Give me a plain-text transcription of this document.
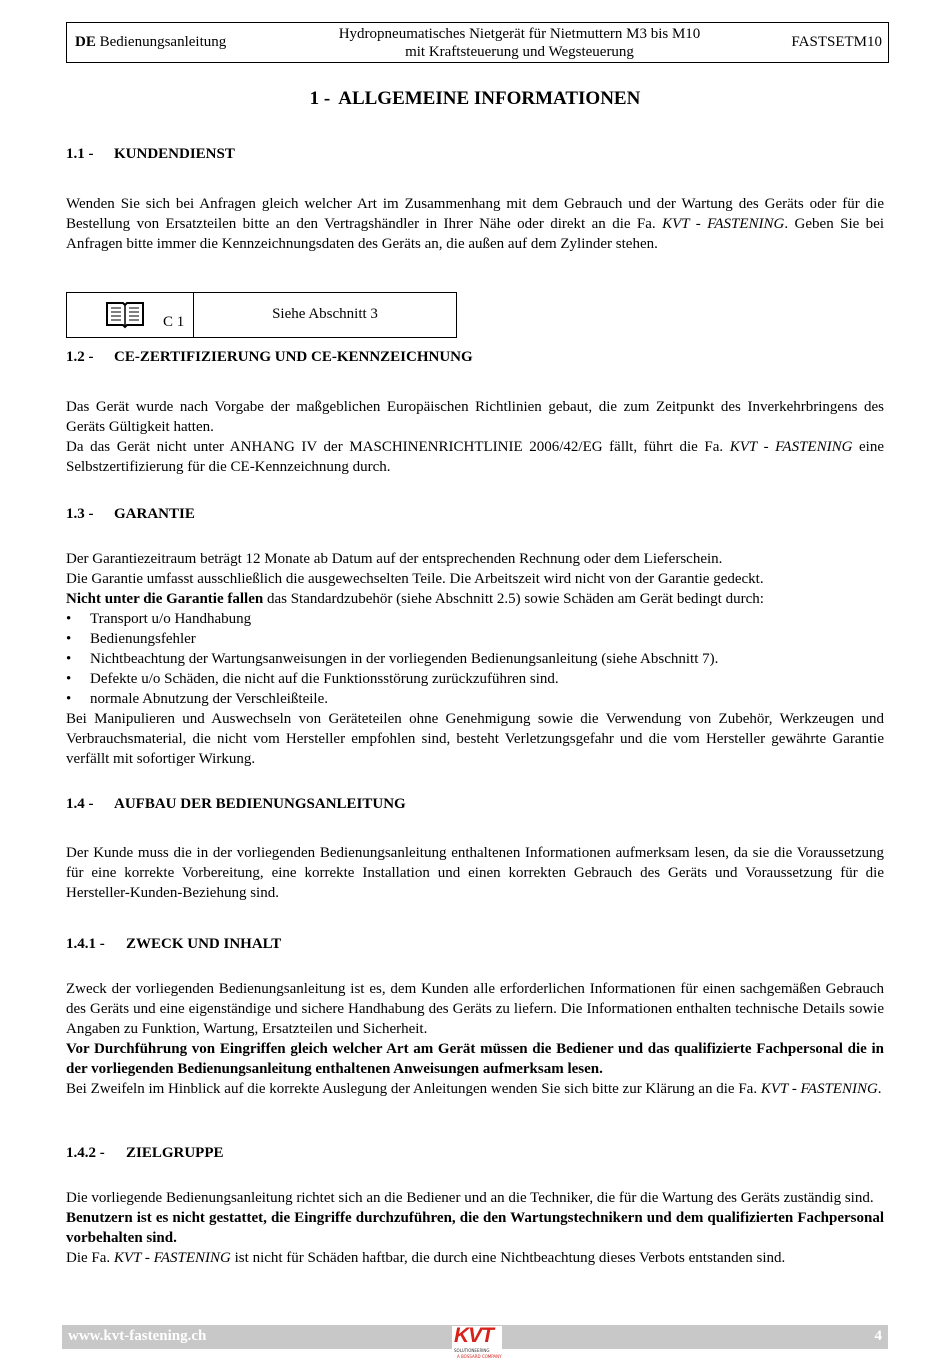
DE Bedienungsanleitung
Hydropneumatisches Nietgerät für Nietmuttern M3 bis M10
mit Kraftsteuerung und Wegsteuerung
FASTSETM10
1 - ALLGEMEINE INFORMATIONEN
1.1 - KUNDENDIENST

Wenden Sie sich bei Anfragen gleich welcher Art im Zusammenhang mit dem Gebrauch und der Wartung des Geräts oder für die Bestellung von Ersatzteilen bitte an den Vertragshändler in Ihrer Nähe oder direkt an die Fa. KVT - FASTENING. Geben Sie bei Anfragen bitte immer die Kennzeichnungsdaten des Geräts an, die außen auf dem Zylinder stehen.

C 1	Siehe Abschnitt 3
1.2 - CE-ZERTIFIZIERUNG UND CE-KENNZEICHNUNG

Das Gerät wurde nach Vorgabe der maßgeblichen Europäischen Richtlinien gebaut, die zum Zeitpunkt des Inverkehrbringens des Geräts Gültigkeit hatten.

Da das Gerät nicht unter ANHANG IV der MASCHINENRICHTLINIE 2006/42/EG fällt, führt die Fa. KVT - FASTENING eine Selbstzertifizierung für die CE-Kennzeichnung durch.

1.3 - GARANTIE

Der Garantiezeitraum beträgt 12 Monate ab Datum auf der entsprechenden Rechnung oder dem Lieferschein.

Die Garantie umfasst ausschließlich die ausgewechselten Teile. Die Arbeitszeit wird nicht von der Garantie gedeckt.

Nicht unter die Garantie fallen das Standardzubehör (siehe Abschnitt 2.5) sowie Schäden am Gerät bedingt durch:

• Transport u/o Handhabung
• Bedienungsfehler
• Nichtbeachtung der Wartungsanweisungen in der vorliegenden Bedienungsanleitung (siehe Abschnitt 7).
• Defekte u/o Schäden, die nicht auf die Funktionsstörung zurückzuführen sind.
• normale Abnutzung der Verschleißteile.

Bei Manipulieren und Auswechseln von Geräteteilen ohne Genehmigung sowie die Verwendung von Zubehör, Werkzeugen und Verbrauchsmaterial, die nicht vom Hersteller empfohlen sind, besteht Verletzungsgefahr und die vom Hersteller gewährte Garantie verfällt mit sofortiger Wirkung.

1.4 - AUFBAU DER BEDIENUNGSANLEITUNG

Der Kunde muss die in der vorliegenden Bedienungsanleitung enthaltenen Informationen aufmerksam lesen, da sie die Voraussetzung für eine korrekte Vorbereitung, eine korrekte Installation und einen korrekten Gebrauch des Geräts und Voraussetzung für die Hersteller-Kunden-Beziehung sind.

1.4.1 - ZWECK UND INHALT

Zweck der vorliegenden Bedienungsanleitung ist es, dem Kunden alle erforderlichen Informationen für einen sachgemäßen Gebrauch des Geräts und eine eigenständige und sichere Handhabung des Geräts zu liefern. Die Informationen enthalten technische Details sowie Angaben zu Funktion, Wartung, Ersatzteilen und Sicherheit.

Vor Durchführung von Eingriffen gleich welcher Art am Gerät müssen die Bediener und das qualifizierte Fachpersonal die in der vorliegenden Bedienungsanleitung enthaltenen Anweisungen aufmerksam lesen.

Bei Zweifeln im Hinblick auf die korrekte Auslegung der Anleitungen wenden Sie sich bitte zur Klärung an die Fa. KVT - FASTENING.

1.4.2 - ZIELGRUPPE

Die vorliegende Bedienungsanleitung richtet sich an die Bediener und an die Techniker, die für die Wartung des Geräts zuständig sind.

Benutzern ist es nicht gestattet, die Eingriffe durchzuführen, die den Wartungstechnikern und dem qualifizierten Fachpersonal vorbehalten sind.

Die Fa. KVT - FASTENING ist nicht für Schäden haftbar, die durch eine Nichtbeachtung dieses Verbots entstanden sind.

www.kvt-fastening.ch	4
KVT
SOLUTIONEERING
A BOSSARD COMPANY
